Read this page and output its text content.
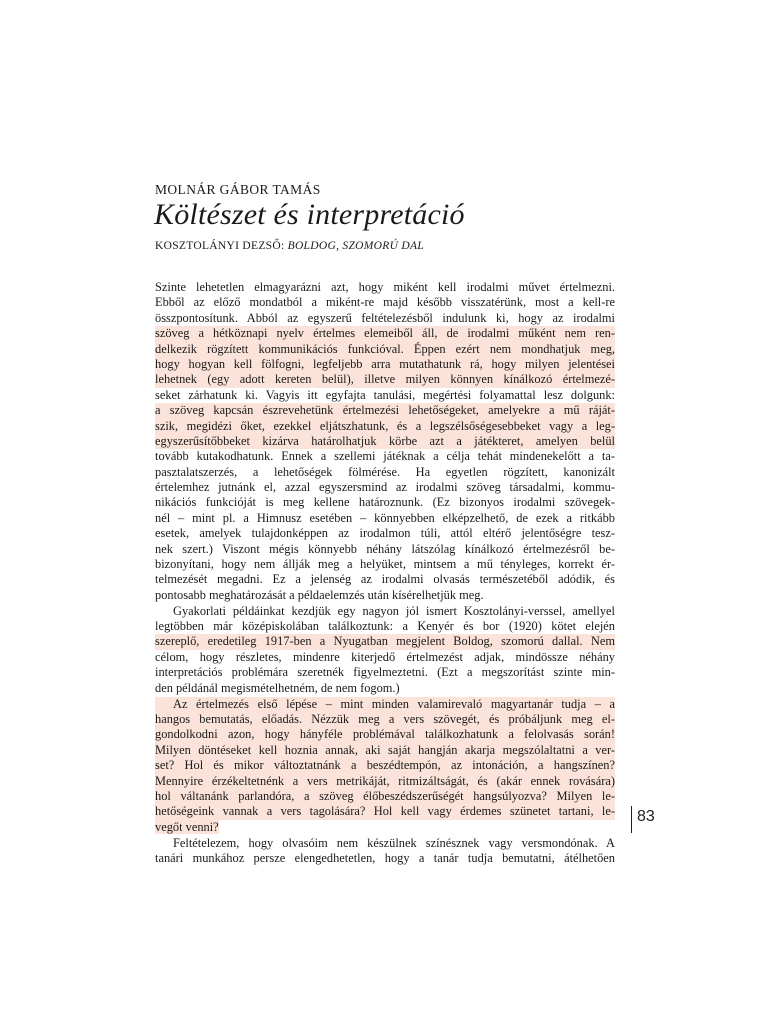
MOLNÁR GÁBOR TAMÁS
Költészet és interpretáció
KOSZTOLÁNYI DEZSŐ: BOLDOG, SZOMORÚ DAL
Szinte lehetetlen elmagyarázni azt, hogy miként kell irodalmi művet értelmezni.
Ebből az előző mondatból a miként-re majd később visszatérünk, most a kell-re
összpontosítunk. Abból az egyszerű feltételezésből indulunk ki, hogy az irodalmi
szöveg a hétköznapi nyelv értelmes elemeiből áll, de irodalmi műként nem ren-
delkezik rögzített kommunikációs funkcióval. Éppen ezért nem mondhatjuk meg,
hogy hogyan kell fölfogni, legfeljebb arra mutathatunk rá, hogy milyen jelentései
lehetnek (egy adott kereten belül), illetve milyen könnyen kínálkozó értelmezé-
seket zárhatunk ki. Vagyis itt egyfajta tanulási, megértési folyamattal lesz dolgunk:
a szöveg kapcsán észrevehetünk értelmezési lehetőségeket, amelyekre a mű ráját-
szik, megidézi őket, ezekkel eljátszhatunk, és a legszélsőségesebbeket vagy a leg-
egyszerűsítőbbeket kizárva határolhatjuk körbe azt a játékteret, amelyen belül
tovább kutakodhatunk. Ennek a szellemi játéknak a célja tehát mindenekelőtt a ta-
pasztalatszerzés, a lehetőségek fölmérése. Ha egyetlen rögzített, kanonizált
értelemhez jutnánk el, azzal egyszersmind az irodalmi szöveg társadalmi, kommu-
nikációs funkcióját is meg kellene határoznunk. (Ez bizonyos irodalmi szövegek-
nél – mint pl. a Himnusz esetében – könnyebben elképzelhető, de ezek a ritkább
esetek, amelyek tulajdonképpen az irodalmon túli, attól eltérő jelentőségre tesz-
nek szert.) Viszont mégis könnyebb néhány látszólag kínálkozó értelmezésről be-
bizonyítani, hogy nem állják meg a helyüket, mintsem a mű tényleges, korrekt ér-
telmezését megadni. Ez a jelenség az irodalmi olvasás természetéből adódik, és
pontosabb meghatározását a példaelemzés után kísérelhetjük meg.
Gyakorlati példáinkat kezdjük egy nagyon jól ismert Kosztolányi-verssel, amellyel
legtöbben már középiskolában találkoztunk: a Kenyér és bor (1920) kötet elején
szereplő, eredetileg 1917-ben a Nyugatban megjelent Boldog, szomorú dallal. Nem
célom, hogy részletes, mindenre kiterjedő értelmezést adjak, mindössze néhány
interpretációs problémára szeretnék figyelmeztetni. (Ezt a megszorítást szinte min-
den példánál megismételhetném, de nem fogom.)
Az értelmezés első lépése – mint minden valamirevaló magyartanár tudja – a
hangos bemutatás, előadás. Nézzük meg a vers szövegét, és próbáljunk meg el-
gondolkodni azon, hogy hányféle problémával találkozhatunk a felolvasás során!
Milyen döntéseket kell hoznia annak, aki saját hangján akarja megszólaltatni a ver-
set? Hol és mikor változtatnánk a beszédtempón, az intonáción, a hangszínen?
Mennyire érzékeltetnénk a vers metrikáját, ritmizáltságát, és (akár ennek rovására)
hol váltanánk parlandóra, a szöveg élőbeszédszerűségét hangsúlyozva? Milyen le-
hetőségeink vannak a vers tagolására? Hol kell vagy érdemes szünetet tartani, le-
vegőt venni?
Feltételezem, hogy olvasóim nem készülnek színésznek vagy versmondónak. A
tanári munkához persze elengedhetetlen, hogy a tanár tudja bemutatni, átélhetően
83
